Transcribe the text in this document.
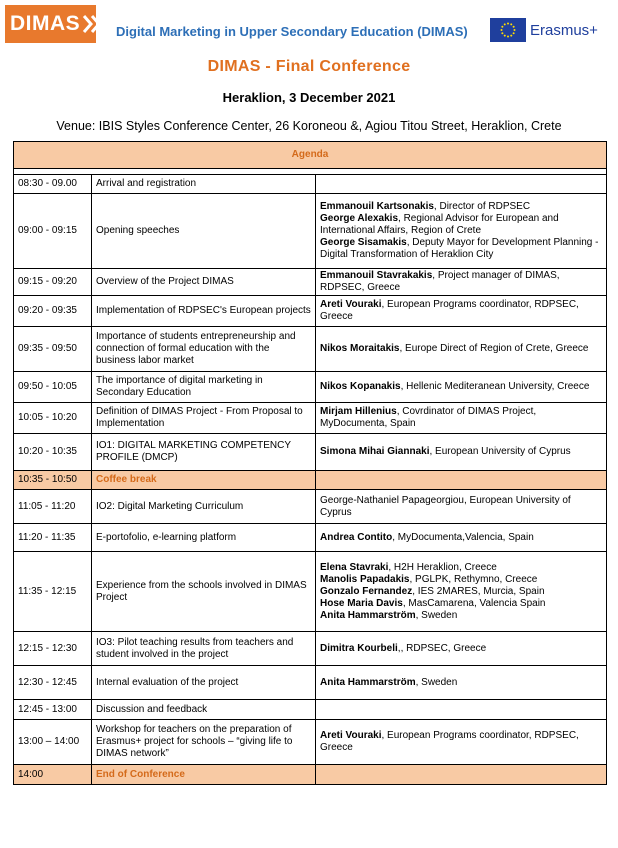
DIMAS	Digital Marketing in Upper Secondary Education (DIMAS)	Erasmus+
DIMAS - Final Conference
Heraklion, 3 December 2021
Venue: IBIS Styles Conference Center, 26 Koroneou &, Agiou Titou Street, Heraklion, Crete
Agenda		

08:30 - 09.00	Arrival and registration	
09:00 - 09:15	Opening speeches	Emmanouil Kartsonakis, Director of RDPSEC
George Alexakis, Regional Advisor for European and International Affairs, Region of Crete
George Sisamakis, Deputy Mayor for Development Planning - Digital Transformation of Heraklion City

09:15 - 09:20	Overview of the Project DIMAS	Emmanouil Stavrakakis, Project manager of DIMAS, RDPSEC, Greece

09:20 - 09:35	Implementation of RDPSEC's European projects	Areti Vouraki, European Programs coordinator, RDPSEC, Greece

09:35 - 09:50	Importance of students entrepreneurship and connection of formal education with the business labor market	Nikos Moraitakis, Europe Direct of Region of Crete, Greece

09:50 - 10:05	The importance of digital marketing in Secondary Education	Nikos Kopanakis, Hellenic Mediteranean University, Creece

10:05 - 10:20	Definition of DIMAS Project - From Proposal to Implementation	Mirjam Hillenius, Covrdinator of DIMAS Project, MyDocumenta, Spain

10:20 - 10:35	IO1: DIGITAL MARKETING COMPETENCY PROFILE (DMCP)	Simona Mihai Giannaki, European University of Cyprus

10:35 - 10:50	Coffee break	
11:05 - 11:20	IO2: Digital Marketing Curriculum	George-Nathaniel Papageorgiou, European University of Cyprus

11:20 - 11:35	E-portofolio, e-learning platform	Andrea Contito, MyDocumenta,Valencia, Spain

11:35 - 12:15	Experience from the schools involved in DIMAS Project	Elena Stavraki, H2H Heraklion, Creece
Manolis Papadakis, PGLPK, Rethymno, Creece
Gonzalo Fernandez, IES 2MARES, Murcia, Spain
Hose Maria Davis, MasCamarena, Valencia Spain
Anita Hammarström, Sweden

12:15 - 12:30	IO3: Pilot teaching results from teachers and student involved in the project	Dimitra Kourbeli,, RDPSEC, Greece

12:30 - 12:45	Internal evaluation of the project	Anita Hammarström, Sweden

12:45 - 13:00	Discussion and feedback	
13:00 – 14:00	Workshop for teachers on the preparation of Erasmus+ project for schools – “giving life to DIMAS network”	Areti Vouraki, European Programs coordinator, RDPSEC, Greece

14:00	End of Conference	
